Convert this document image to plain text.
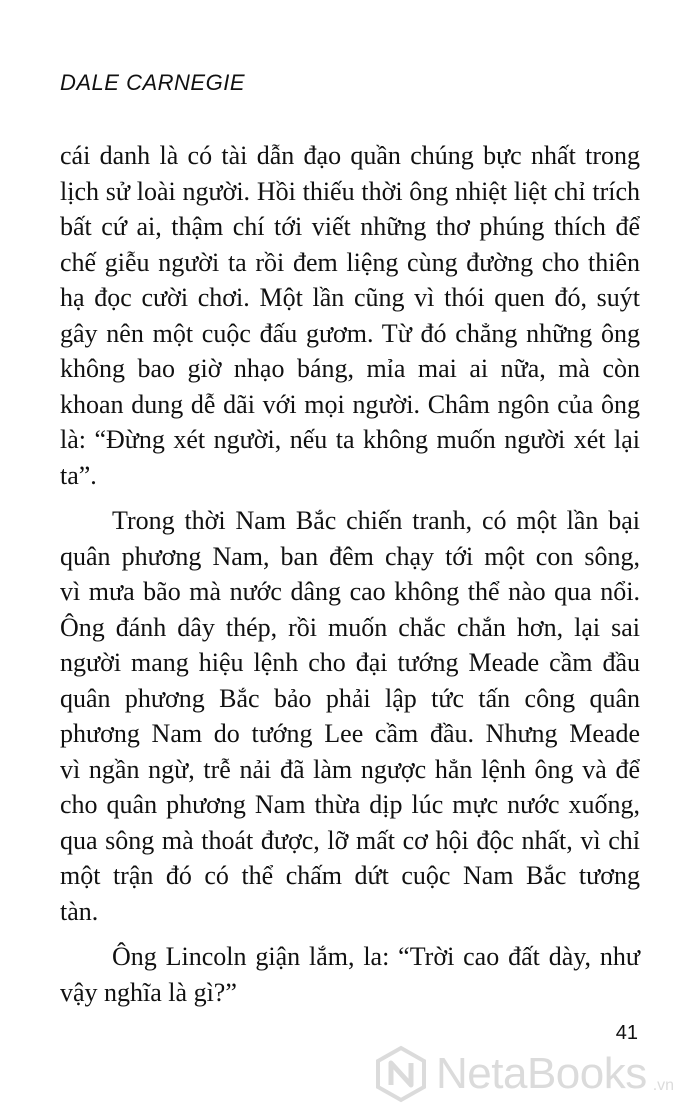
DALE CARNEGIE
cái danh là có tài dẫn đạo quần chúng bực nhất trong
lịch sử loài người. Hồi thiếu thời ông nhiệt liệt chỉ trích
bất cứ ai, thậm chí tới viết những thơ phúng thích để
chế giễu người ta rồi đem liệng cùng đường cho thiên
hạ đọc cười chơi. Một lần cũng vì thói quen đó, suýt
gây nên một cuộc đấu gươm. Từ đó chẳng những ông
không bao giờ nhạo báng, mỉa mai ai nữa, mà còn
khoan dung dễ dãi với mọi người. Châm ngôn của ông
là: “Đừng xét người, nếu ta không muốn người xét lại
ta”.
Trong thời Nam Bắc chiến tranh, có một lần bại
quân phương Nam, ban đêm chạy tới một con sông,
vì mưa bão mà nước dâng cao không thể nào qua nổi.
Ông đánh dây thép, rồi muốn chắc chắn hơn, lại sai
người mang hiệu lệnh cho đại tướng Meade cầm đầu
quân phương Bắc bảo phải lập tức tấn công quân
phương Nam do tướng Lee cầm đầu. Nhưng Meade
vì ngần ngừ, trễ nải đã làm ngược hẳn lệnh ông và để
cho quân phương Nam thừa dịp lúc mực nước xuống,
qua sông mà thoát được, lỡ mất cơ hội độc nhất, vì chỉ
một trận đó có thể chấm dứt cuộc Nam Bắc tương
tàn.
Ông Lincoln giận lắm, la: “Trời cao đất dày, như
vậy nghĩa là gì?”
41
NetaBooks .vn
